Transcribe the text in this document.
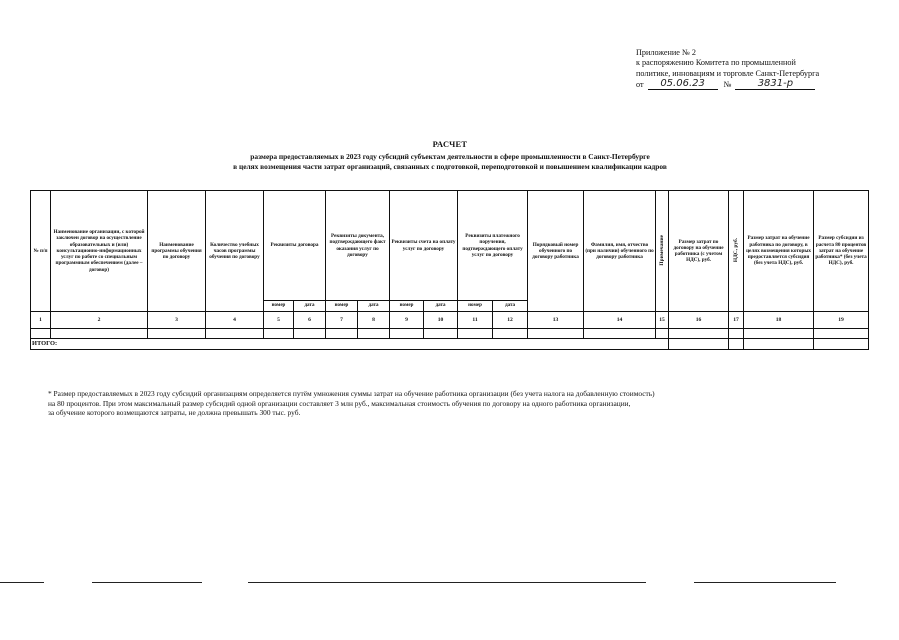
Приложение № 2
к распоряжению Комитета по промышленной
политике, инновациям и торговле Санкт-Петербурга
от	05.06.23	№	3831-р
РАСЧЕТ
размера предоставляемых в 2023 году субсидий субъектам деятельности в сфере промышленности в Санкт-Петербурге
в целях возмещения части затрат организаций, связанных с подготовкой, переподготовкой и повышением квалификации кадров
№ п/п	Наименование организации, с которой заключен договор на осуществление образовательных и (или) консультационно-информационных услуг по работе со специальным программным обеспечением (далее – договор)	Наименование программы обучения по договору	Количество учебных часов программы обучения по договору	Реквизиты договора		Реквизиты документа, подтверждающего факт оказания услуг по договору		Реквизиты счета на оплату услуг по договору		Реквизиты платежного поручения, подтверждающего оплату услуг по договору		Порядковый номер обученного по договору работника	Фамилия, имя, отчество (при наличии) обученного по договору работника	Примечание	Размер затрат по договору на обучение работника (с учетом НДС), руб.	НДС, руб.	Размер затрат на обучение работника по договору, в целях возмещения которых предоставляется субсидия (без учета НДС), руб.	Размер субсидии из расчета 80 процентов затрат на обучение работника* (без учета НДС), руб.
				номер	дата	номер	дата	номер	дата	номер	дата							
1	2	3	4	5	6	7	8	9	10	11	12	13	14	15	16	17	18	19

ИТОГО:																		
* Размер предоставляемых в 2023 году субсидий организациям определяется путём умножения суммы затрат на обучение работника организации (без учета налога на добавленную стоимость)
на 80 процентов. При этом максимальный размер субсидий одной организации составляет 3 млн руб., максимальная стоимость обучения по договору на одного работника организации,
за обучение которого возмещаются затраты, не должна превышать 300 тыс. руб.
